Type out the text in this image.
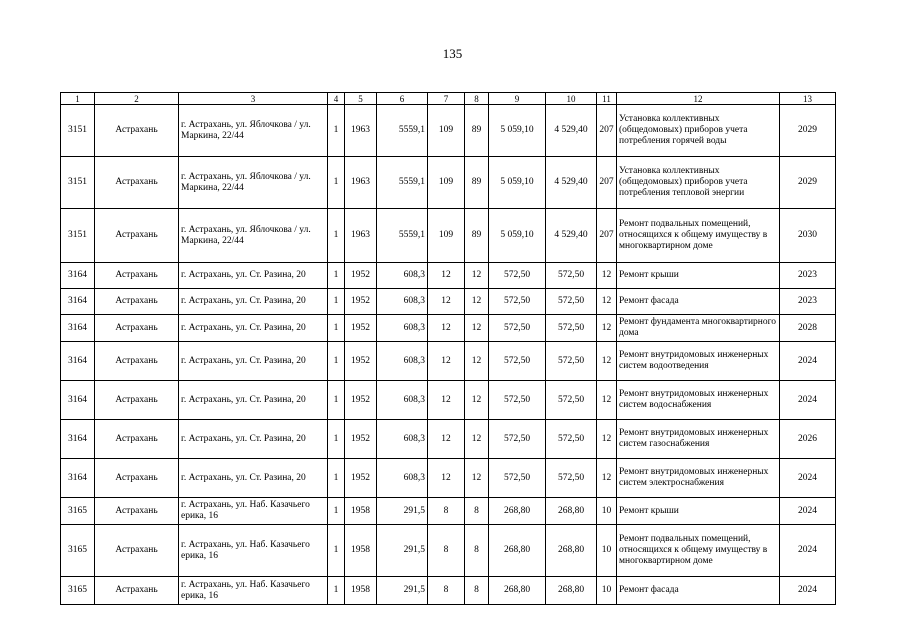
135
1	2	3	4	5	6	7	8	9	10	11	12	13
3151	Астрахань	г. Астрахань, ул. Яблочкова / ул. Маркина, 22/44	1	1963	5559,1	109	89	5 059,10	4 529,40	207	Установка коллективных (общедомовых) приборов учета потребления горячей воды	2029
3151	Астрахань	г. Астрахань, ул. Яблочкова / ул. Маркина, 22/44	1	1963	5559,1	109	89	5 059,10	4 529,40	207	Установка коллективных (общедомовых) приборов учета потребления тепловой энергии	2029
3151	Астрахань	г. Астрахань, ул. Яблочкова / ул. Маркина, 22/44	1	1963	5559,1	109	89	5 059,10	4 529,40	207	Ремонт подвальных помещений, относящихся к общему имуществу в многоквартирном доме	2030
3164	Астрахань	г. Астрахань, ул. Ст. Разина, 20	1	1952	608,3	12	12	572,50	572,50	12	Ремонт крыши	2023
3164	Астрахань	г. Астрахань, ул. Ст. Разина, 20	1	1952	608,3	12	12	572,50	572,50	12	Ремонт фасада	2023
3164	Астрахань	г. Астрахань, ул. Ст. Разина, 20	1	1952	608,3	12	12	572,50	572,50	12	Ремонт фундамента многоквартирного дома	2028
3164	Астрахань	г. Астрахань, ул. Ст. Разина, 20	1	1952	608,3	12	12	572,50	572,50	12	Ремонт внутридомовых инженерных систем водоотведения	2024
3164	Астрахань	г. Астрахань, ул. Ст. Разина, 20	1	1952	608,3	12	12	572,50	572,50	12	Ремонт внутридомовых инженерных систем водоснабжения	2024
3164	Астрахань	г. Астрахань, ул. Ст. Разина, 20	1	1952	608,3	12	12	572,50	572,50	12	Ремонт внутридомовых инженерных систем газоснабжения	2026
3164	Астрахань	г. Астрахань, ул. Ст. Разина, 20	1	1952	608,3	12	12	572,50	572,50	12	Ремонт внутридомовых инженерных систем электроснабжения	2024
3165	Астрахань	г. Астрахань, ул. Наб. Казачьего ерика, 16	1	1958	291,5	8	8	268,80	268,80	10	Ремонт крыши	2024
3165	Астрахань	г. Астрахань, ул. Наб. Казачьего ерика, 16	1	1958	291,5	8	8	268,80	268,80	10	Ремонт подвальных помещений, относящихся к общему имуществу в многоквартирном доме	2024
3165	Астрахань	г. Астрахань, ул. Наб. Казачьего ерика, 16	1	1958	291,5	8	8	268,80	268,80	10	Ремонт фасада	2024
